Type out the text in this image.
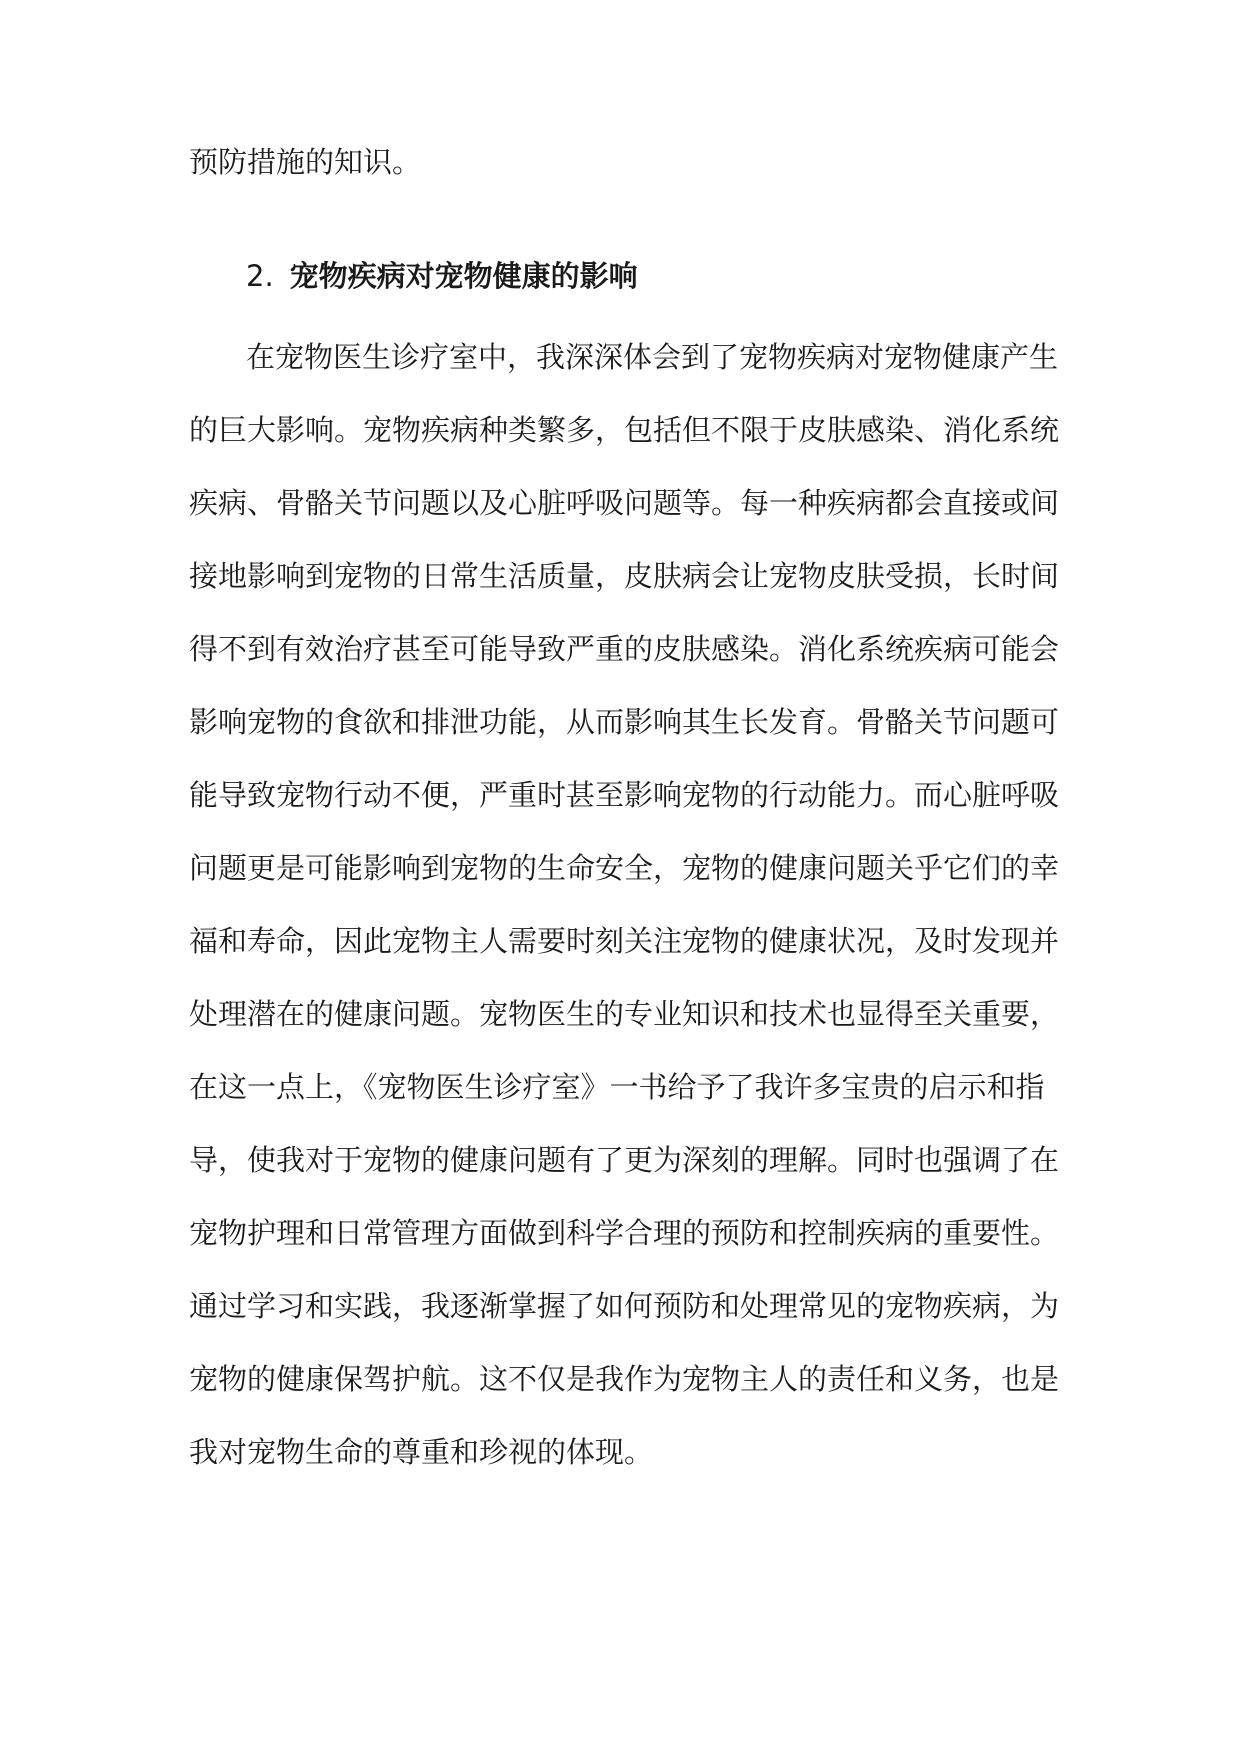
预防措施的知识。
2. 宠物疾病对宠物健康的影响
在宠物医生诊疗室中，我深深体会到了宠物疾病对宠物健康产生
的巨大影响。宠物疾病种类繁多，包括但不限于皮肤感染、消化系统
疾病、骨骼关节问题以及心脏呼吸问题等。每一种疾病都会直接或间
接地影响到宠物的日常生活质量，皮肤病会让宠物皮肤受损，长时间
得不到有效治疗甚至可能导致严重的皮肤感染。消化系统疾病可能会
影响宠物的食欲和排泄功能，从而影响其生长发育。骨骼关节问题可
能导致宠物行动不便，严重时甚至影响宠物的行动能力。而心脏呼吸
问题更是可能影响到宠物的生命安全，宠物的健康问题关乎它们的幸
福和寿命，因此宠物主人需要时刻关注宠物的健康状况，及时发现并
处理潜在的健康问题。宠物医生的专业知识和技术也显得至关重要，
在这一点上，《宠物医生诊疗室》一书给予了我许多宝贵的启示和指
导，使我对于宠物的健康问题有了更为深刻的理解。同时也强调了在
宠物护理和日常管理方面做到科学合理的预防和控制疾病的重要性。
通过学习和实践，我逐渐掌握了如何预防和处理常见的宠物疾病，为
宠物的健康保驾护航。这不仅是我作为宠物主人的责任和义务，也是
我对宠物生命的尊重和珍视的体现。
